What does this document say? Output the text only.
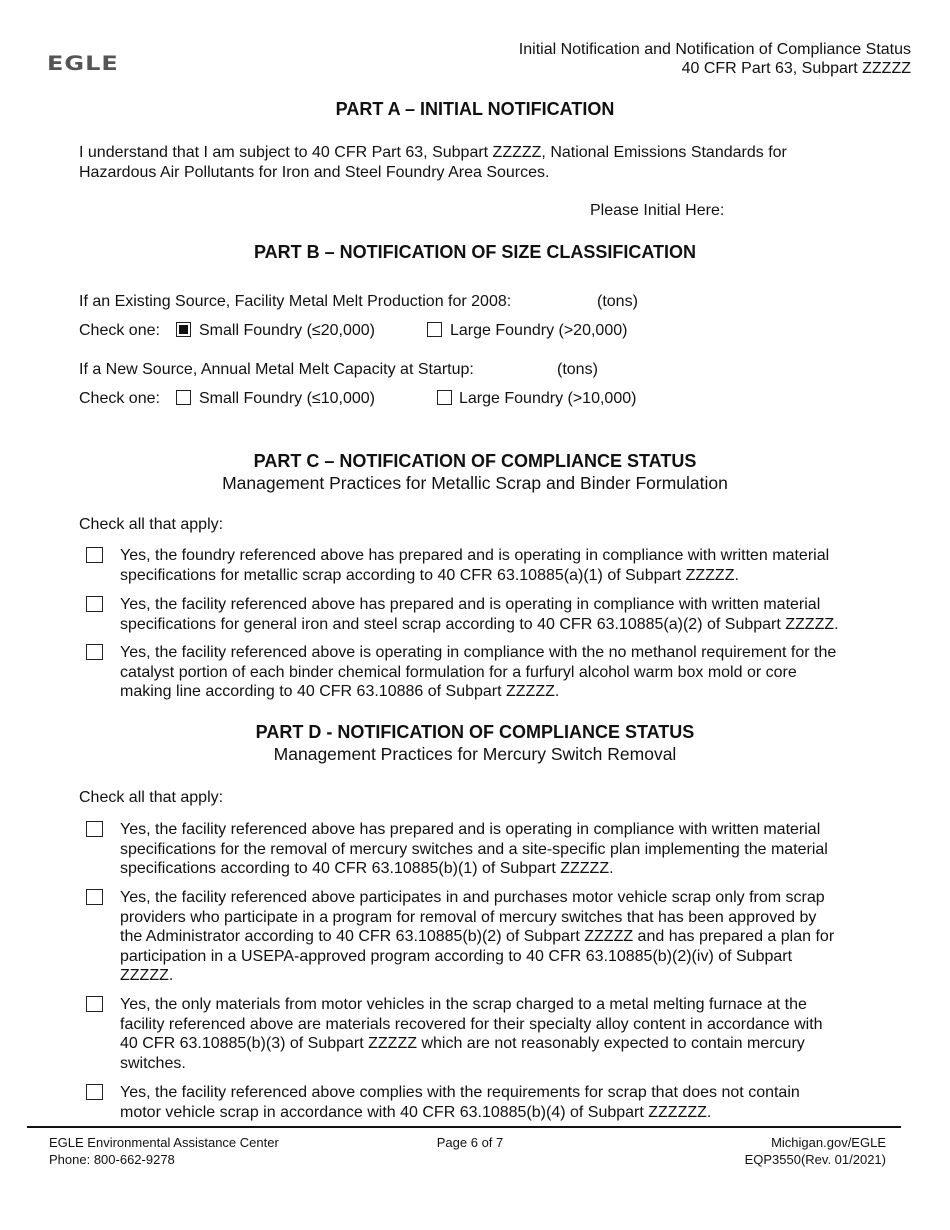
EGLE
Initial Notification and Notification of Compliance Status
40 CFR Part 63, Subpart ZZZZZ
PART A – INITIAL NOTIFICATION
I understand that I am subject to 40 CFR Part 63, Subpart ZZZZZ, National Emissions Standards for
Hazardous Air Pollutants for Iron and Steel Foundry Area Sources.
Please Initial Here:
PART B – NOTIFICATION OF SIZE CLASSIFICATION
If an Existing Source, Facility Metal Melt Production for 2008:	(tons)
Check one: Small Foundry (≤20,000)	Large Foundry (>20,000)
If a New Source, Annual Metal Melt Capacity at Startup:	(tons)
Check one: Small Foundry (≤10,000)	Large Foundry (>10,000)
PART C – NOTIFICATION OF COMPLIANCE STATUS
Management Practices for Metallic Scrap and Binder Formulation
Check all that apply:
Yes, the foundry referenced above has prepared and is operating in compliance with written material
specifications for metallic scrap according to 40 CFR 63.10885(a)(1) of Subpart ZZZZZ.
Yes, the facility referenced above has prepared and is operating in compliance with written material
specifications for general iron and steel scrap according to 40 CFR 63.10885(a)(2) of Subpart ZZZZZ.
Yes, the facility referenced above is operating in compliance with the no methanol requirement for the
catalyst portion of each binder chemical formulation for a furfuryl alcohol warm box mold or core
making line according to 40 CFR 63.10886 of Subpart ZZZZZ.
PART D - NOTIFICATION OF COMPLIANCE STATUS
Management Practices for Mercury Switch Removal
Check all that apply:
Yes, the facility referenced above has prepared and is operating in compliance with written material
specifications for the removal of mercury switches and a site-specific plan implementing the material
specifications according to 40 CFR 63.10885(b)(1) of Subpart ZZZZZ.
Yes, the facility referenced above participates in and purchases motor vehicle scrap only from scrap
providers who participate in a program for removal of mercury switches that has been approved by
the Administrator according to 40 CFR 63.10885(b)(2) of Subpart ZZZZZ and has prepared a plan for
participation in a USEPA-approved program according to 40 CFR 63.10885(b)(2)(iv) of Subpart
ZZZZZ.
Yes, the only materials from motor vehicles in the scrap charged to a metal melting furnace at the
facility referenced above are materials recovered for their specialty alloy content in accordance with
40 CFR 63.10885(b)(3) of Subpart ZZZZZ which are not reasonably expected to contain mercury
switches.
Yes, the facility referenced above complies with the requirements for scrap that does not contain
motor vehicle scrap in accordance with 40 CFR 63.10885(b)(4) of Subpart ZZZZZZ.
EGLE Environmental Assistance Center
Phone: 800-662-9278
Page 6 of 7	Michigan.gov/EGLE
EQP3550(Rev. 01/2021)
